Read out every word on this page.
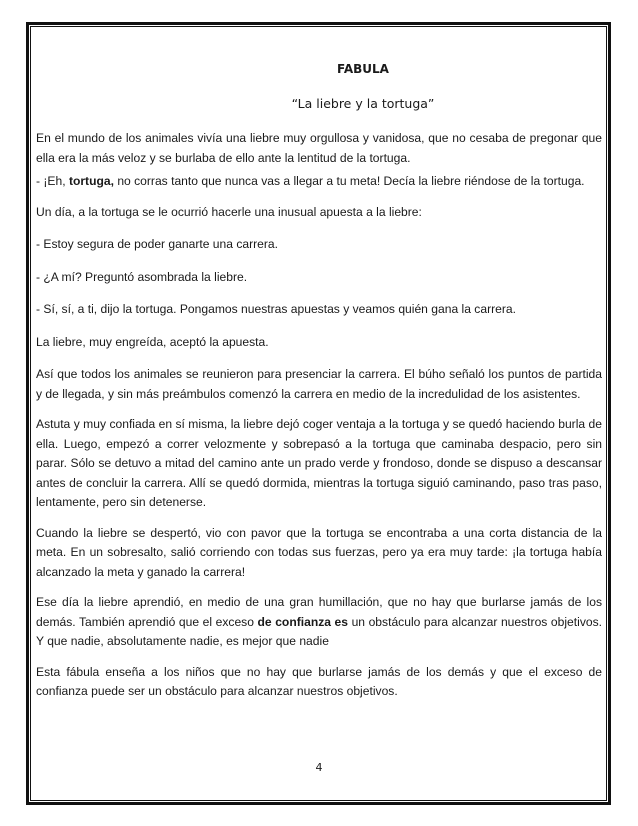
FABULA
“La liebre y la tortuga”

En el mundo de los animales vivía una liebre muy orgullosa y vanidosa, que no cesaba de pregonar que ella era la más veloz y se burlaba de ello ante la lentitud de la tortuga.

- ¡Eh, tortuga, no corras tanto que nunca vas a llegar a tu meta! Decía la liebre riéndose de la tortuga.

Un día, a la tortuga se le ocurrió hacerle una inusual apuesta a la liebre:

- Estoy segura de poder ganarte una carrera.

- ¿A mí? Preguntó asombrada la liebre.

- Sí, sí, a ti, dijo la tortuga. Pongamos nuestras apuestas y veamos quién gana la carrera.

La liebre, muy engreída, aceptó la apuesta.

Así que todos los animales se reunieron para presenciar la carrera. El búho señaló los puntos de partida y de llegada, y sin más preámbulos comenzó la carrera en medio de la incredulidad de los asistentes.

Astuta y muy confiada en sí misma, la liebre dejó coger ventaja a la tortuga y se quedó haciendo burla de ella. Luego, empezó a correr velozmente y sobrepasó a la tortuga que caminaba despacio, pero sin parar. Sólo se detuvo a mitad del camino ante un prado verde y frondoso, donde se dispuso a descansar antes de concluir la carrera. Allí se quedó dormida, mientras la tortuga siguió caminando, paso tras paso, lentamente, pero sin detenerse.

Cuando la liebre se despertó, vio con pavor que la tortuga se encontraba a una corta distancia de la meta. En un sobresalto, salió corriendo con todas sus fuerzas, pero ya era muy tarde: ¡la tortuga había alcanzado la meta y ganado la carrera!

Ese día la liebre aprendió, en medio de una gran humillación, que no hay que burlarse jamás de los demás. También aprendió que el exceso de confianza es un obstáculo para alcanzar nuestros objetivos. Y que nadie, absolutamente nadie, es mejor que nadie

Esta fábula enseña a los niños que no hay que burlarse jamás de los demás y que el exceso de confianza puede ser un obstáculo para alcanzar nuestros objetivos.

4
